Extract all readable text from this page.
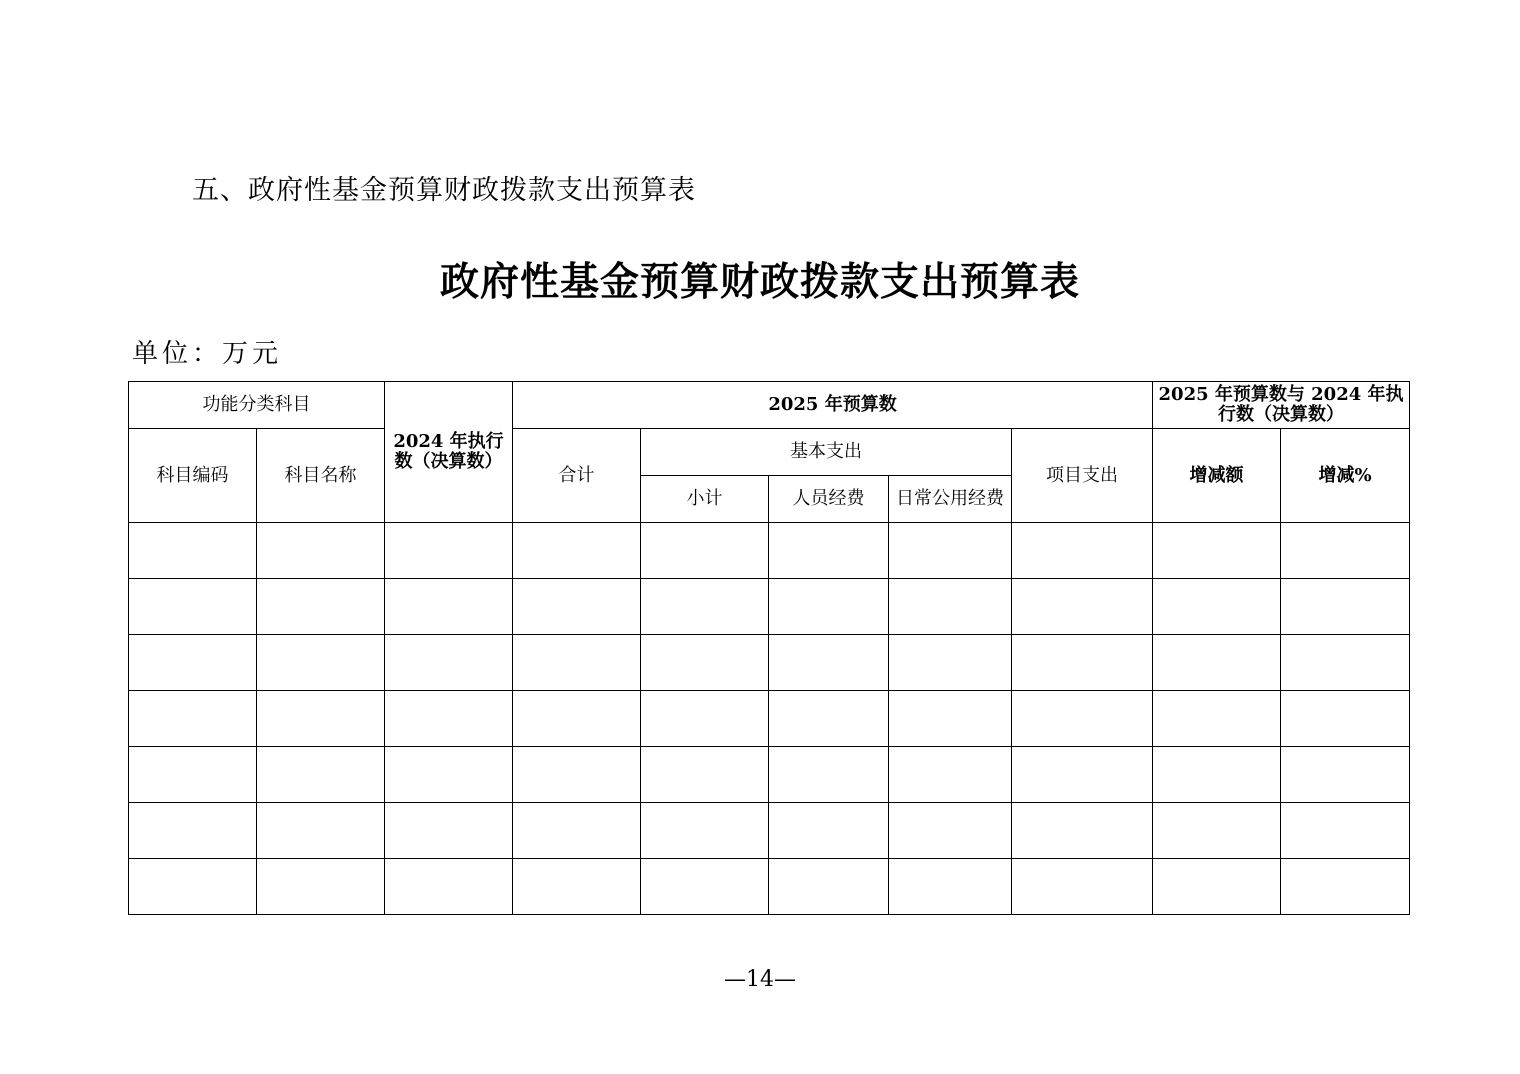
五、政府性基金预算财政拨款支出预算表
政府性基金预算财政拨款支出预算表
单位：万元
功能分类科目		2024 年执行数（决算数）	2025 年预算数					2025 年预算数与 2024 年执行数（决算数）	
科目编码	科目名称		合计	基本支出			项目支出	增减额	增减%
				小计	人员经费	日常公用经费			

—14—
